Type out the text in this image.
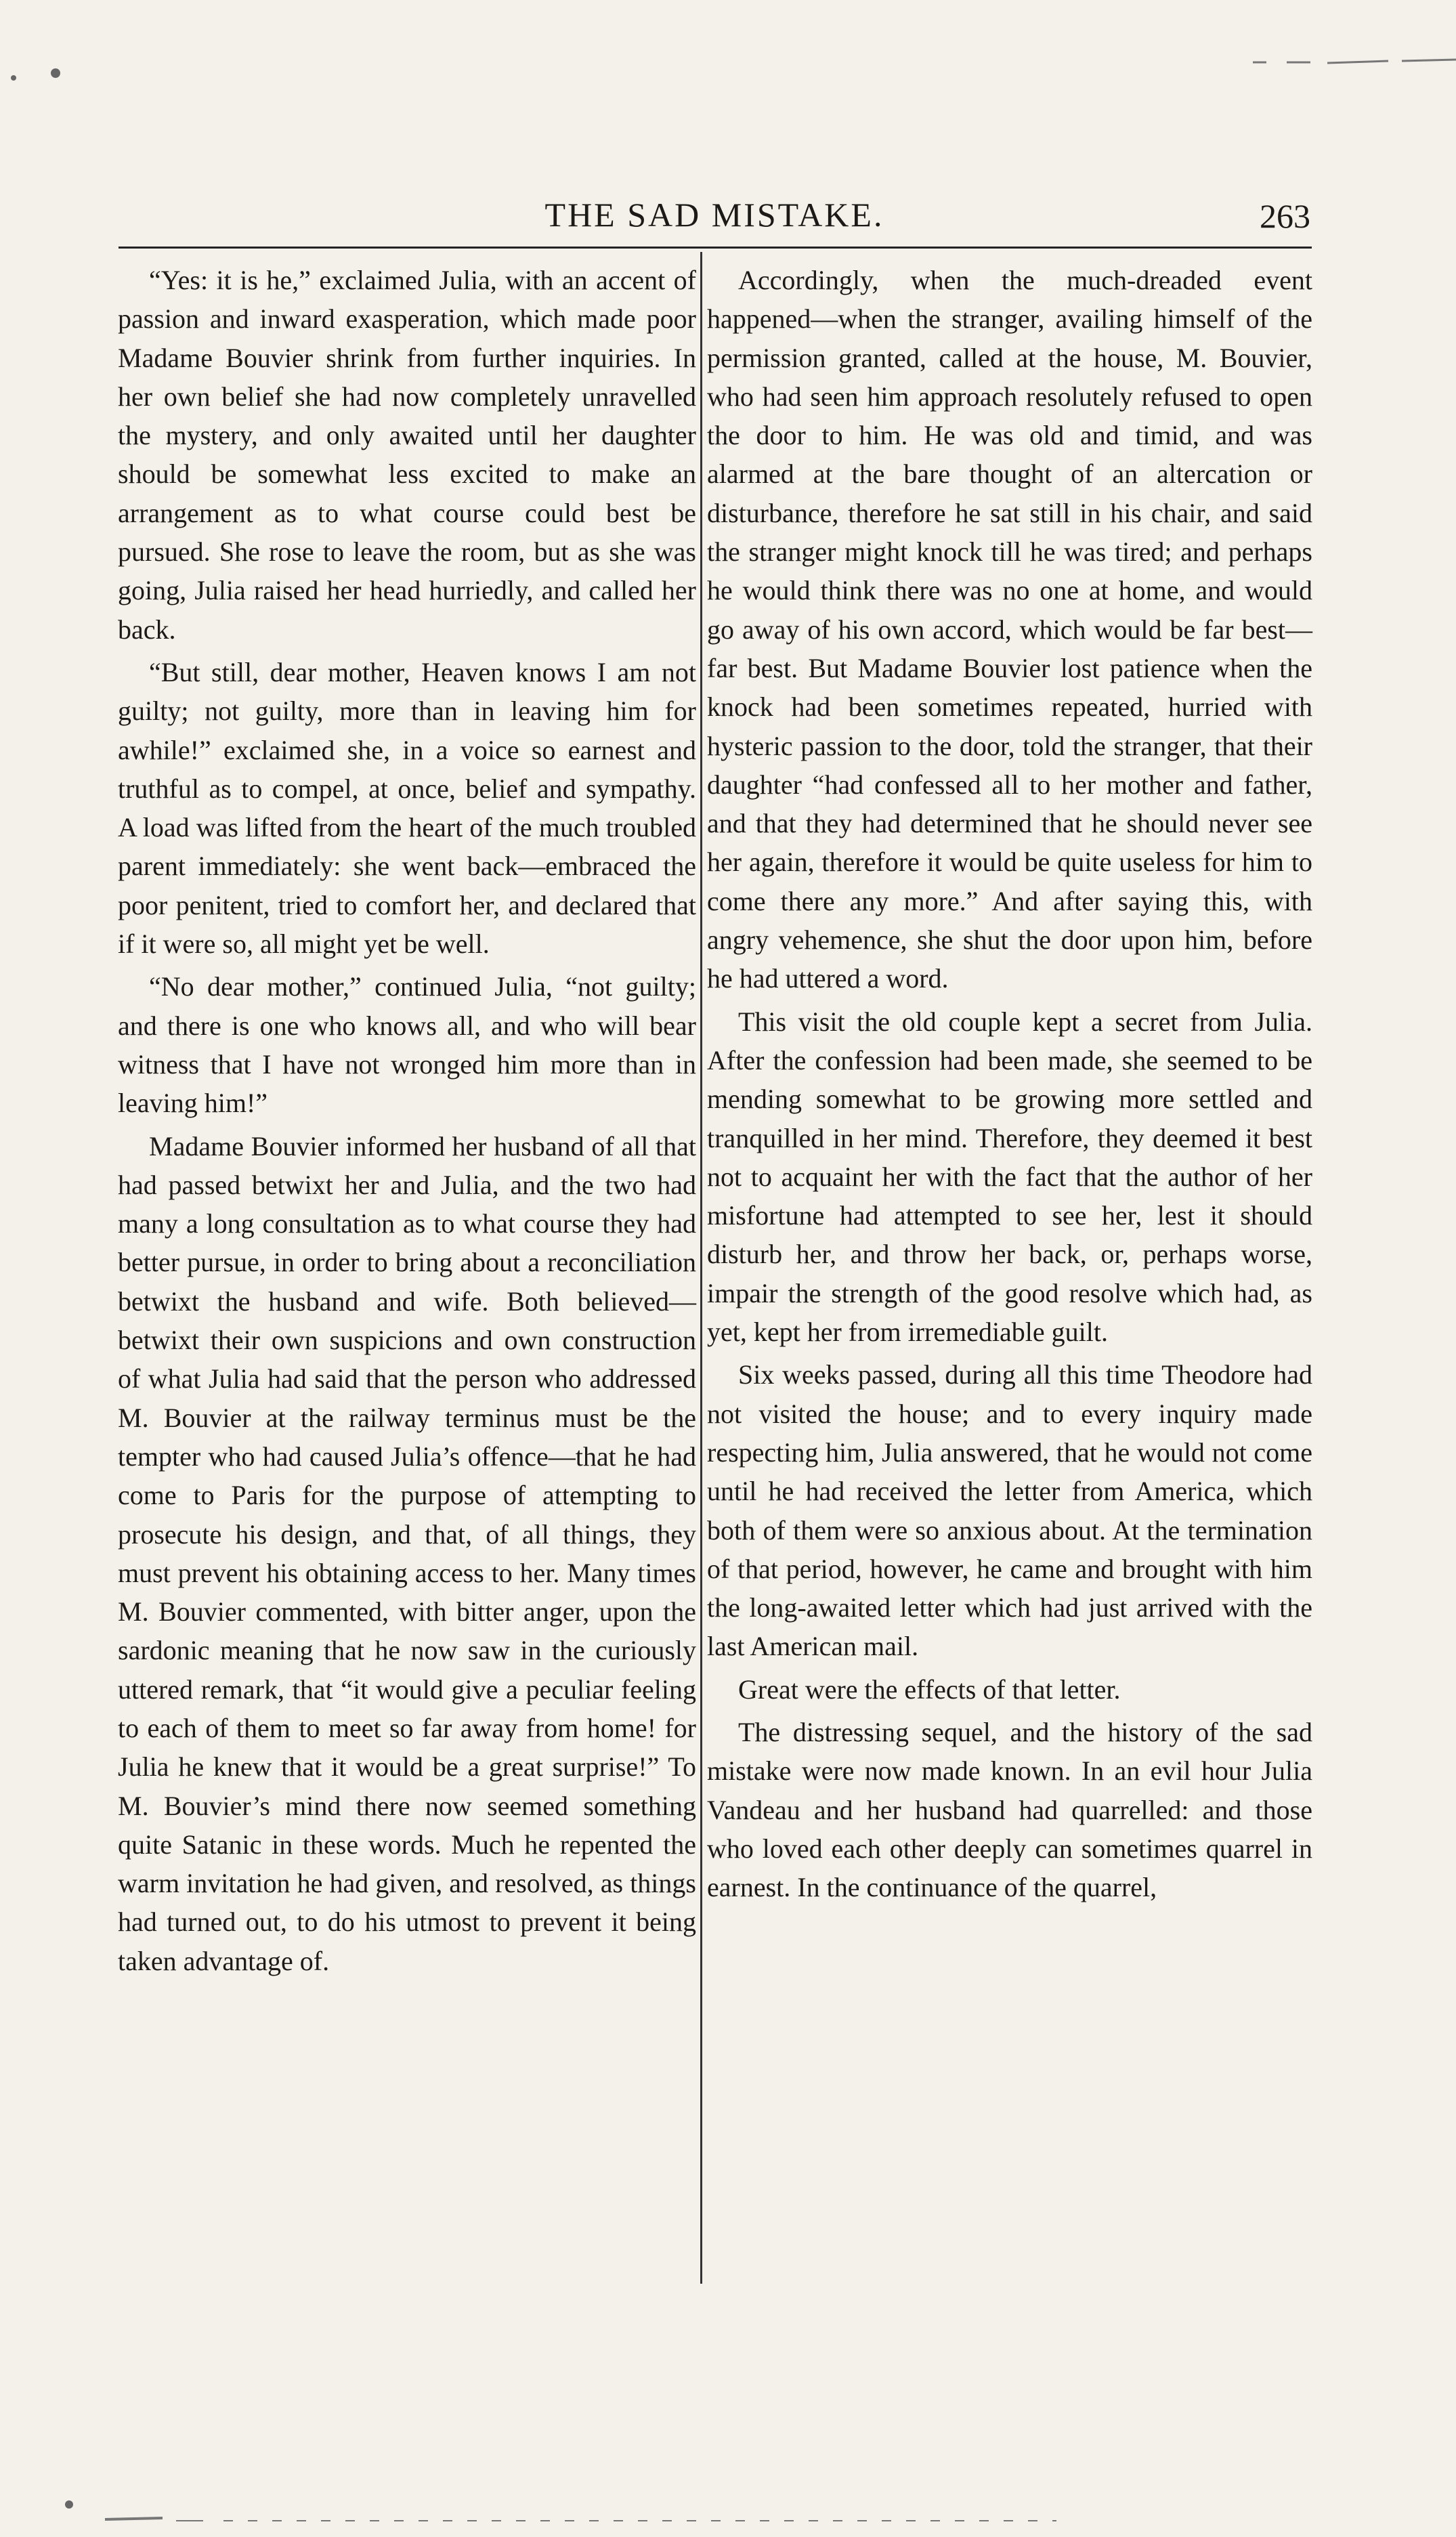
THE SAD MISTAKE.	263

“Yes: it is he,” exclaimed Julia, with an accent of passion and inward exasperation, which made poor Madame Bouvier shrink from further inquiries. In her own belief she had now completely unravelled the mystery, and only awaited until her daughter should be somewhat less excited to make an arrangement as to what course could best be pursued. She rose to leave the room, but as she was going, Julia raised her head hurriedly, and called her back.

“But still, dear mother, Heaven knows I am not guilty; not guilty, more than in leaving him for awhile!” exclaimed she, in a voice so earnest and truthful as to compel, at once, belief and sympathy. A load was lifted from the heart of the much troubled parent immediately: she went back—embraced the poor penitent, tried to comfort her, and declared that if it were so, all might yet be well.

“No dear mother,” continued Julia, “not guilty; and there is one who knows all, and who will bear witness that I have not wronged him more than in leaving him!”

Madame Bouvier informed her husband of all that had passed betwixt her and Julia, and the two had many a long consultation as to what course they had better pursue, in order to bring about a reconciliation betwixt the husband and wife. Both believed—betwixt their own suspicions and own construction of what Julia had said that the person who addressed M. Bouvier at the railway terminus must be the tempter who had caused Julia’s offence—that he had come to Paris for the purpose of attempting to prosecute his design, and that, of all things, they must prevent his obtaining access to her. Many times M. Bouvier commented, with bitter anger, upon the sardonic meaning that he now saw in the curiously uttered remark, that “it would give a peculiar feeling to each of them to meet so far away from home! for Julia he knew that it would be a great surprise!” To M. Bouvier’s mind there now seemed something quite Satanic in these words. Much he repented the warm invitation he had given, and resolved, as things had turned out, to do his utmost to prevent it being taken advantage of.

Accordingly, when the much-dreaded event happened—when the stranger, availing himself of the permission granted, called at the house, M. Bouvier, who had seen him approach resolutely refused to open the door to him. He was old and timid, and was alarmed at the bare thought of an altercation or disturbance, therefore he sat still in his chair, and said the stranger might knock till he was tired; and perhaps he would think there was no one at home, and would go away of his own accord, which would be far best—far best. But Madame Bouvier lost patience when the knock had been sometimes repeated, hurried with hysteric passion to the door, told the stranger, that their daughter “had confessed all to her mother and father, and that they had determined that he should never see her again, therefore it would be quite useless for him to come there any more.” And after saying this, with angry vehemence, she shut the door upon him, before he had uttered a word.

This visit the old couple kept a secret from Julia. After the confession had been made, she seemed to be mending somewhat to be growing more settled and tranquilled in her mind. Therefore, they deemed it best not to acquaint her with the fact that the author of her misfortune had attempted to see her, lest it should disturb her, and throw her back, or, perhaps worse, impair the strength of the good resolve which had, as yet, kept her from irremediable guilt.

Six weeks passed, during all this time Theodore had not visited the house; and to every inquiry made respecting him, Julia answered, that he would not come until he had received the letter from America, which both of them were so anxious about. At the termination of that period, however, he came and brought with him the long-awaited letter which had just arrived with the last American mail.

Great were the effects of that letter.

The distressing sequel, and the history of the sad mistake were now made known. In an evil hour Julia Vandeau and her husband had quarrelled: and those who loved each other deeply can sometimes quarrel in earnest. In the continuance of the quarrel,
